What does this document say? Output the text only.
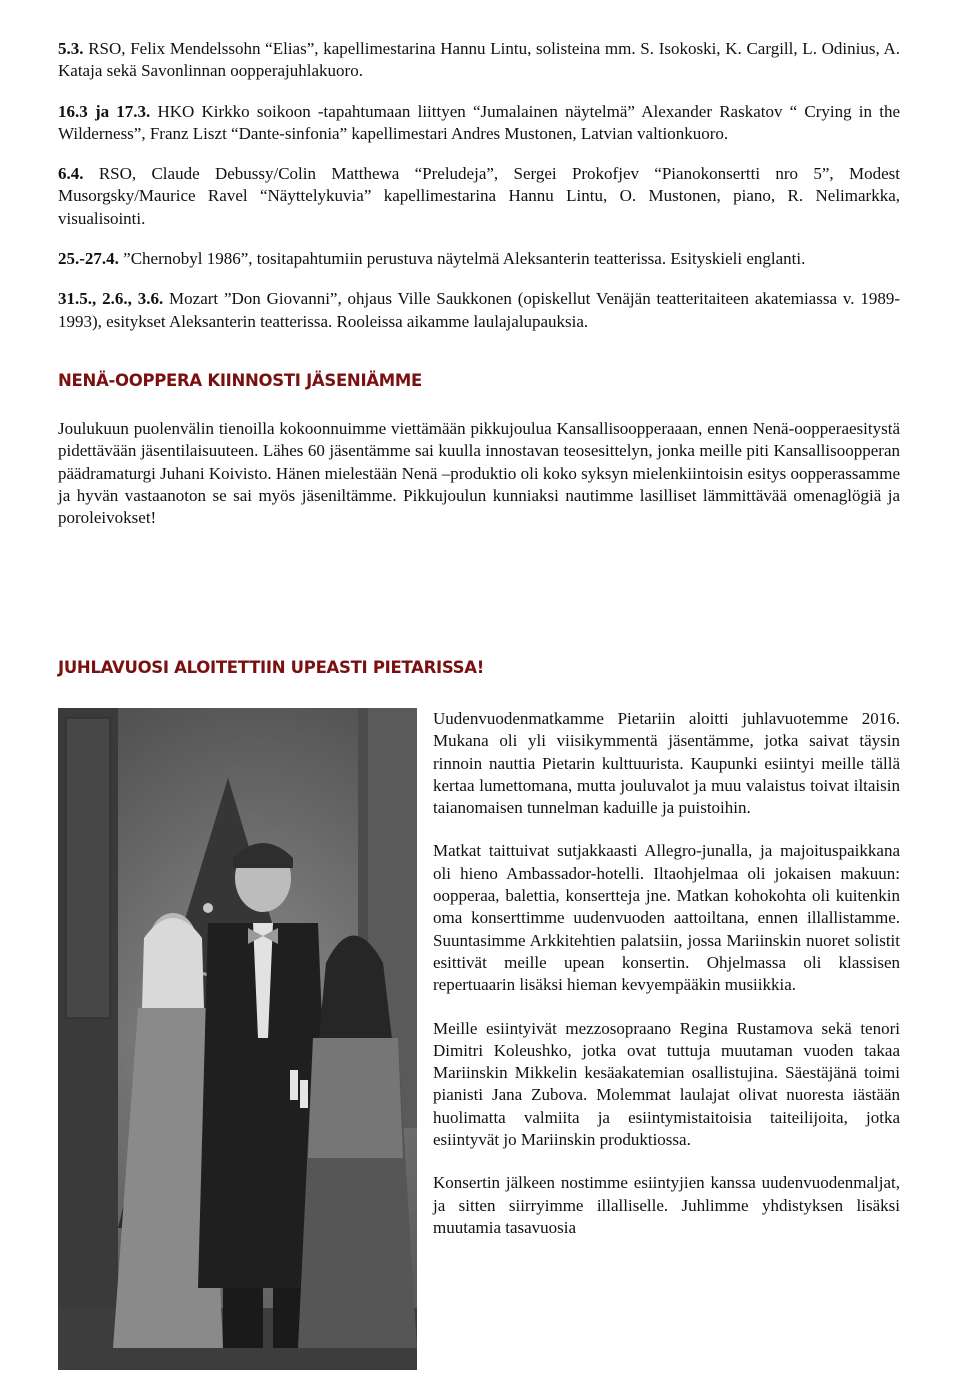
5.3. RSO, Felix Mendelssohn “Elias”, kapellimestarina Hannu Lintu, solisteina mm. S. Isokoski, K. Cargill, L. Odinius, A. Kataja sekä Savonlinnan oopperajuhlakuoro.

16.3 ja 17.3. HKO Kirkko soikoon -tapahtumaan liittyen “Jumalainen näytelmä” Alexander Raskatov “ Crying in the Wilderness”, Franz Liszt “Dante-sinfonia” kapellimestari Andres Mustonen, Latvian valtionkuoro.

6.4. RSO, Claude Debussy/Colin Matthewa “Preludeja”, Sergei Prokofjev “Pianokonsertti nro 5”, Modest Musorgsky/Maurice Ravel “Näyttelykuvia” kapellimestarina Hannu Lintu, O. Mustonen, piano, R. Nelimarkka, visualisointi.

25.-27.4. ”Chernobyl 1986”, tositapahtumiin perustuva näytelmä Aleksanterin teatterissa. Esityskieli englanti.

31.5., 2.6., 3.6. Mozart ”Don Giovanni”, ohjaus Ville Saukkonen (opiskellut Venäjän teatteritaiteen akatemiassa v. 1989-1993), esitykset Aleksanterin teatterissa. Rooleissa aikamme laulajalupauksia.

NENÄ-OOPPERA KIINNOSTI JÄSENIÄMME

Joulukuun puolenvälin tienoilla kokoonnuimme viettämään pikkujoulua Kansallisoopperaaan, ennen Nenä-oopperaesitystä pidettävään jäsentilaisuuteen. Lähes 60 jäsentämme sai kuulla innostavan teosesittelyn, jonka meille piti Kansallisoopperan päädramaturgi Juhani Koivisto. Hänen mielestään Nenä –produktio oli koko syksyn mielenkiintoisin esitys oopperassamme ja hyvän vastaanoton se sai myös jäseniltämme. Pikkujoulun kunniaksi nautimme lasilliset lämmittävää omenaglögiä ja poroleivokset!

JUHLAVUOSI ALOITETTIIN UPEASTI PIETARISSA!

Uudenvuodenmatkamme Pietariin aloitti juhlavuotemme 2016. Mukana oli yli viisikymmentä jäsentämme, jotka saivat täysin rinnoin nauttia Pietarin kulttuurista. Kaupunki esiintyi meille tällä kertaa lumettomana, mutta jouluvalot ja muu valaistus toivat iltaisin taianomaisen tunnelman kaduille ja puistoihin.

Matkat taittuivat sutjakkaasti Allegro-junalla, ja majoituspaikkana oli hieno Ambassador-hotelli. Iltaohjelmaa oli jokaisen makuun: oopperaa, balettia, konsertteja jne. Matkan kohokohta oli kuitenkin oma konserttimme uudenvuoden aattoiltana, ennen illallistamme. Suuntasimme Arkkitehtien palatsiin, jossa Mariinskin nuoret solistit esittivät meille upean konsertin. Ohjelmassa oli klassisen repertuaarin lisäksi hieman kevyempääkin musiikkia.

Meille esiintyivät mezzosopraano Regina Rustamova sekä tenori Dimitri Koleushko, jotka ovat tuttuja muutaman vuoden takaa Mariinskin Mikkelin kesäakatemian osallistujina. Säestäjänä toimi pianisti Jana Zubova. Molemmat laulajat olivat nuoresta iästään huolimatta valmiita ja esiintymistaitoisia taiteilijoita, jotka esiintyvät jo Mariinskin produktiossa.

Konsertin jälkeen nostimme esiintyjien kanssa uudenvuodenmaljat, ja sitten siirryimme illalliselle. Juhlimme yhdistyksen lisäksi muutamia tasavuosia
